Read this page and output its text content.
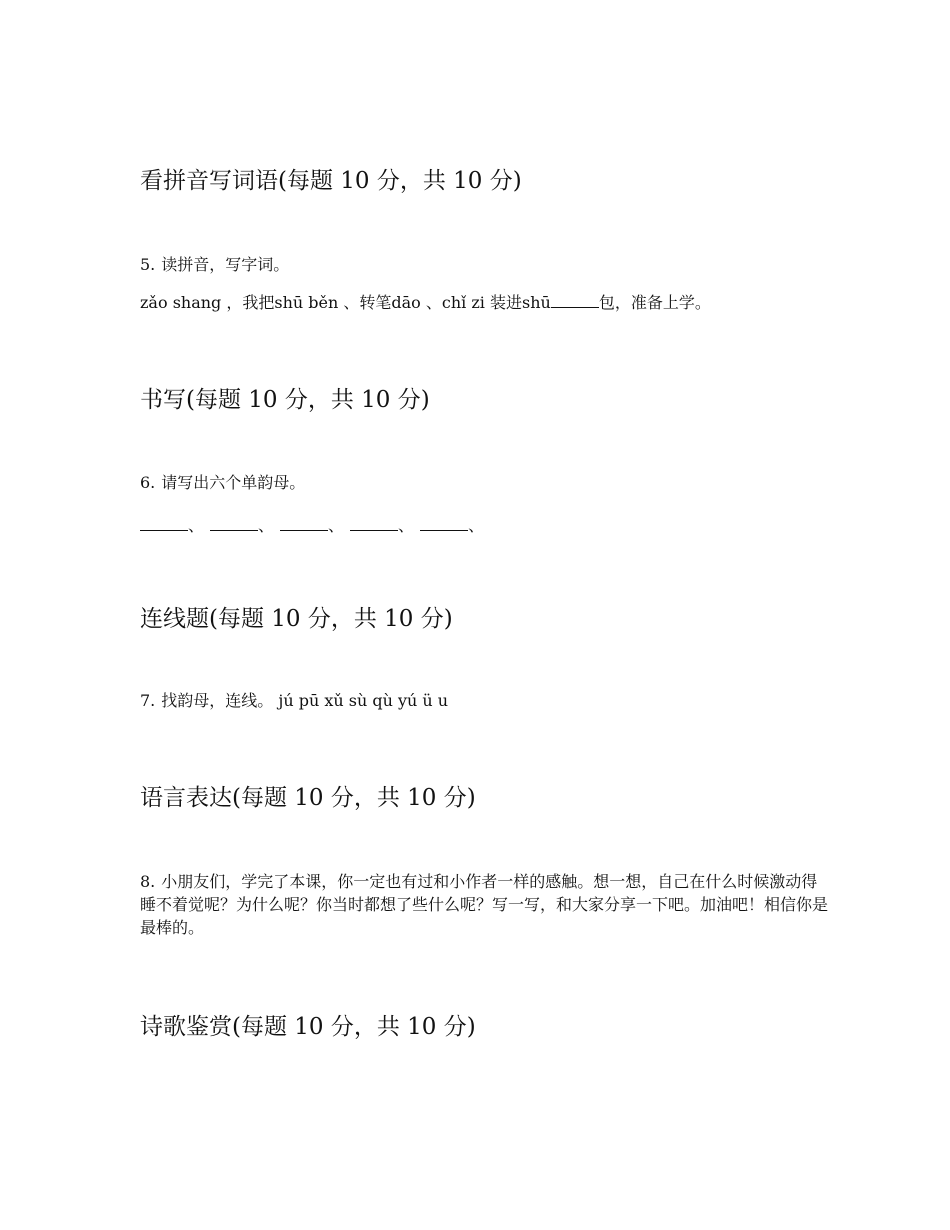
看拼音写词语(每题 10 分，共 10 分)

5. 读拼音，写字词。

zǎo shang ，我把shū běn 、转笔dāo 、chǐ zi 装进shū	包，准备上学。

书写(每题 10 分，共 10 分)

6. 请写出六个单韵母。

、	、	、	、	、

连线题(每题 10 分，共 10 分)

7. 找韵母，连线。 jú pū xǔ sù qù yú ü u

语言表达(每题 10 分，共 10 分)

8. 小朋友们，学完了本课，你一定也有过和小作者一样的感触。想一想，自己在什么时候激动得睡不着觉呢？为什么呢？你当时都想了些什么呢？写一写，和大家分享一下吧。加油吧！相信你是最棒的。

诗歌鉴赏(每题 10 分，共 10 分)
